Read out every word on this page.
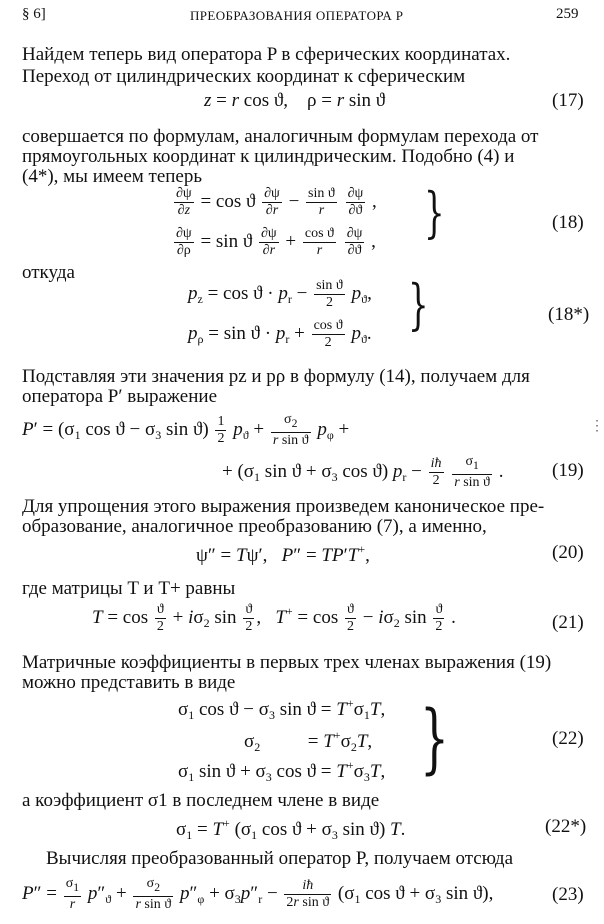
§ 6]	ПРЕОБРАЗОВАНИЯ ОПЕРАТОРА P	259
Найдем теперь вид оператора P в сферических координатах.
Переход от цилиндрических координат к сферическим
z = r cos ϑ,    ρ = r sin ϑ	(17)
совершается по формулам, аналогичным формулам перехода от
прямоугольных координат к цилиндрическим. Подобно (4) и
(4*), мы имеем теперь
$\frac{\partial\psi}{\partial z} = \cos ϑ \frac{\partial\psi}{\partial r} - \frac{\text{sin ϑ}}{r}$
$\frac{\partial\psi}{\partial ϑ}$ ,
$\frac{\partial\psi}{\partial\rho} = \sin ϑ \frac{\partial\psi}{\partial r} + \frac{\text{cos ϑ}}{r}$
$\frac{\partial\psi}{\partial ϑ}$ , }	(18)
откуда
$p_z = \cos ϑ \cdot p_r - \frac{\text{sin ϑ}}{2} p_ϑ$,
$p_\rho = \sin ϑ \cdot p_r + \frac{\text{cos ϑ}}{2} p_ϑ$. }	(18*)
Подставляя эти значения pz и pρ в формулу (14), получаем для
оператора P′ выражение
$P' = (\sigma_1$ $\cos ϑ - \sigma_3$ $\sin ϑ) \frac{1}{2} p_ϑ + \frac{\sigma_2}{\text{r sin ϑ}} p_\varphi$ +	⋮
+ ($\sigma_1$ $\sin ϑ + \sigma_3$ cos ϑ) $p_r - \frac{iħ}{2}$
$\frac{\sigma_1}{\text{r sin ϑ}}$ .	(19)
Для упрощения этого выражения произведем каноническое пре-
образование, аналогичное преобразованию (7), а именно,
ψ″ = Tψ′,   P″ = TP′T+,	(20)
где матрицы T и T+ равны
$T = \cos \frac{ϑ}{2} + i\sigma_2$ $\sin \frac{ϑ}{2}$ ,   $T^+ = \cos \frac{ϑ}{2} - i\sigma_2$ $\sin \frac{ϑ}{2}$ .	(21)
Матричные коэффициенты в первых трех членах выражения (19)
можно представить в виде
$\sigma_1$ $\cos ϑ - \sigma_3$ $\sin ϑ = T^+\sigma_1T$,
$\sigma_2$          = $T^+\sigma_2T$,
$\sigma_1$ $\sin ϑ + \sigma_3$ $\cos ϑ = T^+\sigma_3T$, }	(22)
а коэффициент σ1 в последнем члене в виде
$\sigma_1 = T^+$ ($\sigma_1$ $\cos ϑ + \sigma_3$ sin ϑ) T.	(22*)
Вычисляя преобразованный оператор P, получаем отсюда
$P'' = \frac{\sigma_1}{r} p''_ϑ + \frac{\sigma_2}{\text{r sin ϑ}} p''_\varphi + \sigma_3p''_r - \frac{iħ}{\text{2r sin ϑ}} (\sigma_1$ $\cos ϑ + \sigma_3$ sin ϑ),	(23)
